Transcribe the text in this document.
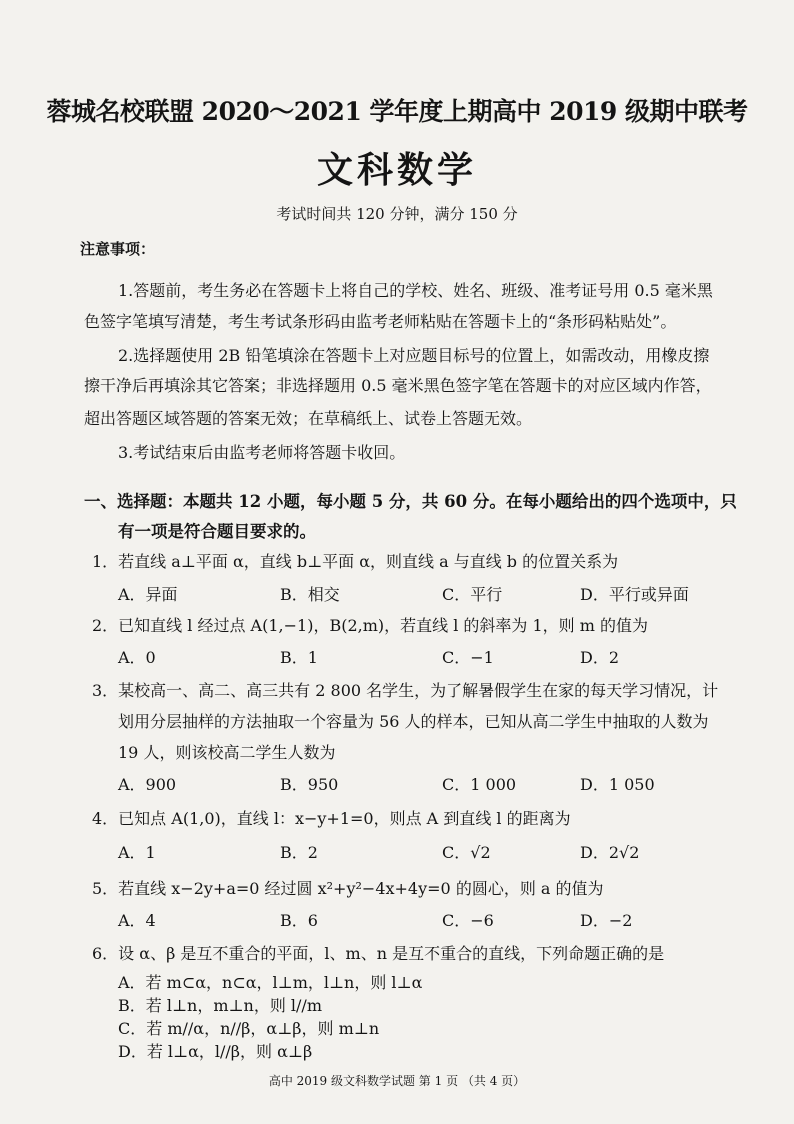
蓉城名校联盟 2020～2021 学年度上期高中 2019 级期中联考
文科数学
考试时间共 120 分钟，满分 150 分
注意事项：
1.答题前，考生务必在答题卡上将自己的学校、姓名、班级、准考证号用 0.5 毫米黑
色签字笔填写清楚，考生考试条形码由监考老师粘贴在答题卡上的“条形码粘贴处”。
2.选择题使用 2B 铅笔填涂在答题卡上对应题目标号的位置上，如需改动，用橡皮擦
擦干净后再填涂其它答案；非选择题用 0.5 毫米黑色签字笔在答题卡的对应区域内作答，
超出答题区域答题的答案无效；在草稿纸上、试卷上答题无效。
3.考试结束后由监考老师将答题卡收回。
一、选择题：本题共 12 小题，每小题 5 分，共 60 分。在每小题给出的四个选项中，只
有一项是符合题目要求的。
1．若直线 a⊥平面 α，直线 b⊥平面 α，则直线 a 与直线 b 的位置关系为
A．异面	B．相交	C．平行	D．平行或异面
2．已知直线 l 经过点 A(1,−1)，B(2,m)，若直线 l 的斜率为 1，则 m 的值为
A．0	B．1	C．−1	D．2
3．某校高一、高二、高三共有 2 800 名学生，为了解暑假学生在家的每天学习情况，计
划用分层抽样的方法抽取一个容量为 56 人的样本，已知从高二学生中抽取的人数为
19 人，则该校高二学生人数为
A．900	B．950	C．1 000	D．1 050
4．已知点 A(1,0)，直线 l：x−y+1=0，则点 A 到直线 l 的距离为
A．1	B．2	C．√2	D．2√2
5．若直线 x−2y+a=0 经过圆 x²+y²−4x+4y=0 的圆心，则 a 的值为
A．4	B．6	C．−6	D．−2
6．设 α、β 是互不重合的平面，l、m、n 是互不重合的直线，下列命题正确的是
A．若 m⊂α，n⊂α，l⊥m，l⊥n，则 l⊥α
B．若 l⊥n，m⊥n，则 l//m
C．若 m//α，n//β，α⊥β，则 m⊥n
高中 2019 级文科数学试题 第 1 页 （共 4 页）
D．若 l⊥α，l//β，则 α⊥β
